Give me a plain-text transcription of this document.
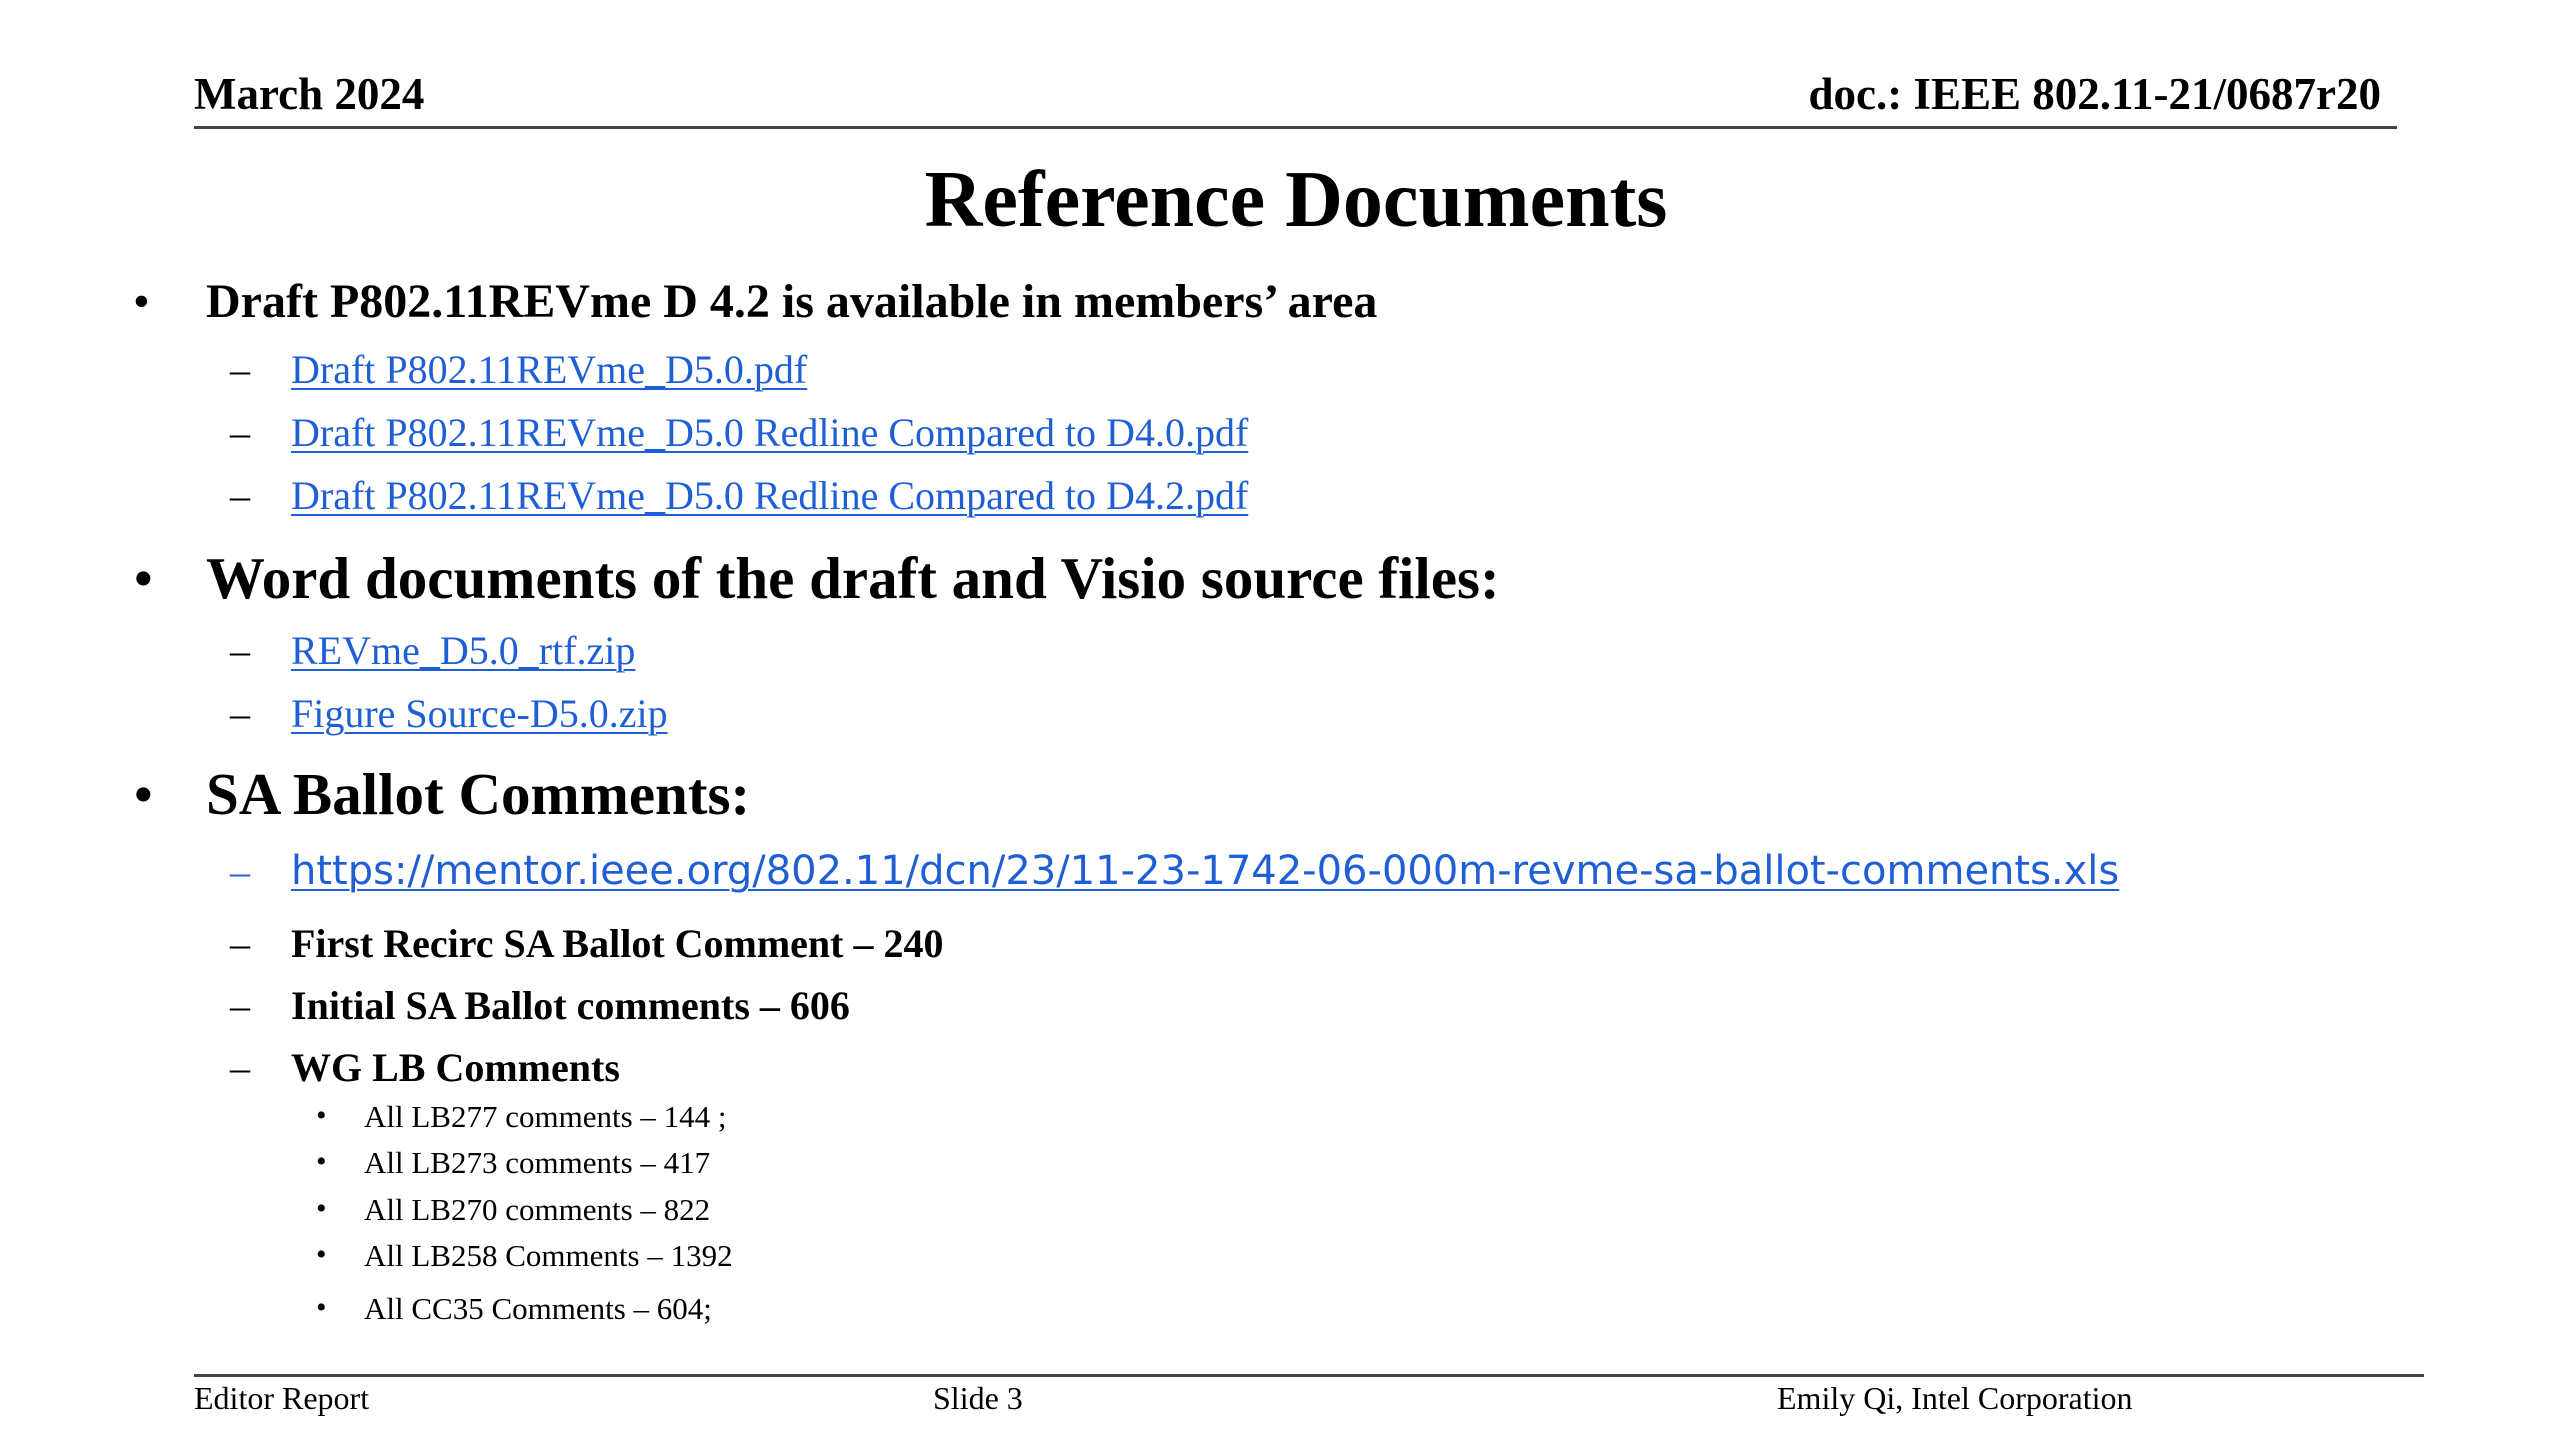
March 2024	doc.: IEEE 802.11-21/0687r20
Reference Documents
• Draft P802.11REVme D 4.2 is available in members’ area
– Draft P802.11REVme_D5.0.pdf
– Draft P802.11REVme_D5.0 Redline Compared to D4.0.pdf
– Draft P802.11REVme_D5.0 Redline Compared to D4.2.pdf
• Word documents of the draft and Visio source files:
– REVme_D5.0_rtf.zip
– Figure Source-D5.0.zip
• SA Ballot Comments:
– https://mentor.ieee.org/802.11/dcn/23/11-23-1742-06-000m-revme-sa-ballot-comments.xls
– First Recirc SA Ballot Comment – 240
– Initial SA Ballot comments – 606
– WG LB Comments
• All LB277 comments – 144 ;
• All LB273 comments – 417
• All LB270 comments – 822
• All LB258 Comments – 1392
• All CC35 Comments – 604;
Editor Report	Slide 3	Emily Qi, Intel Corporation
